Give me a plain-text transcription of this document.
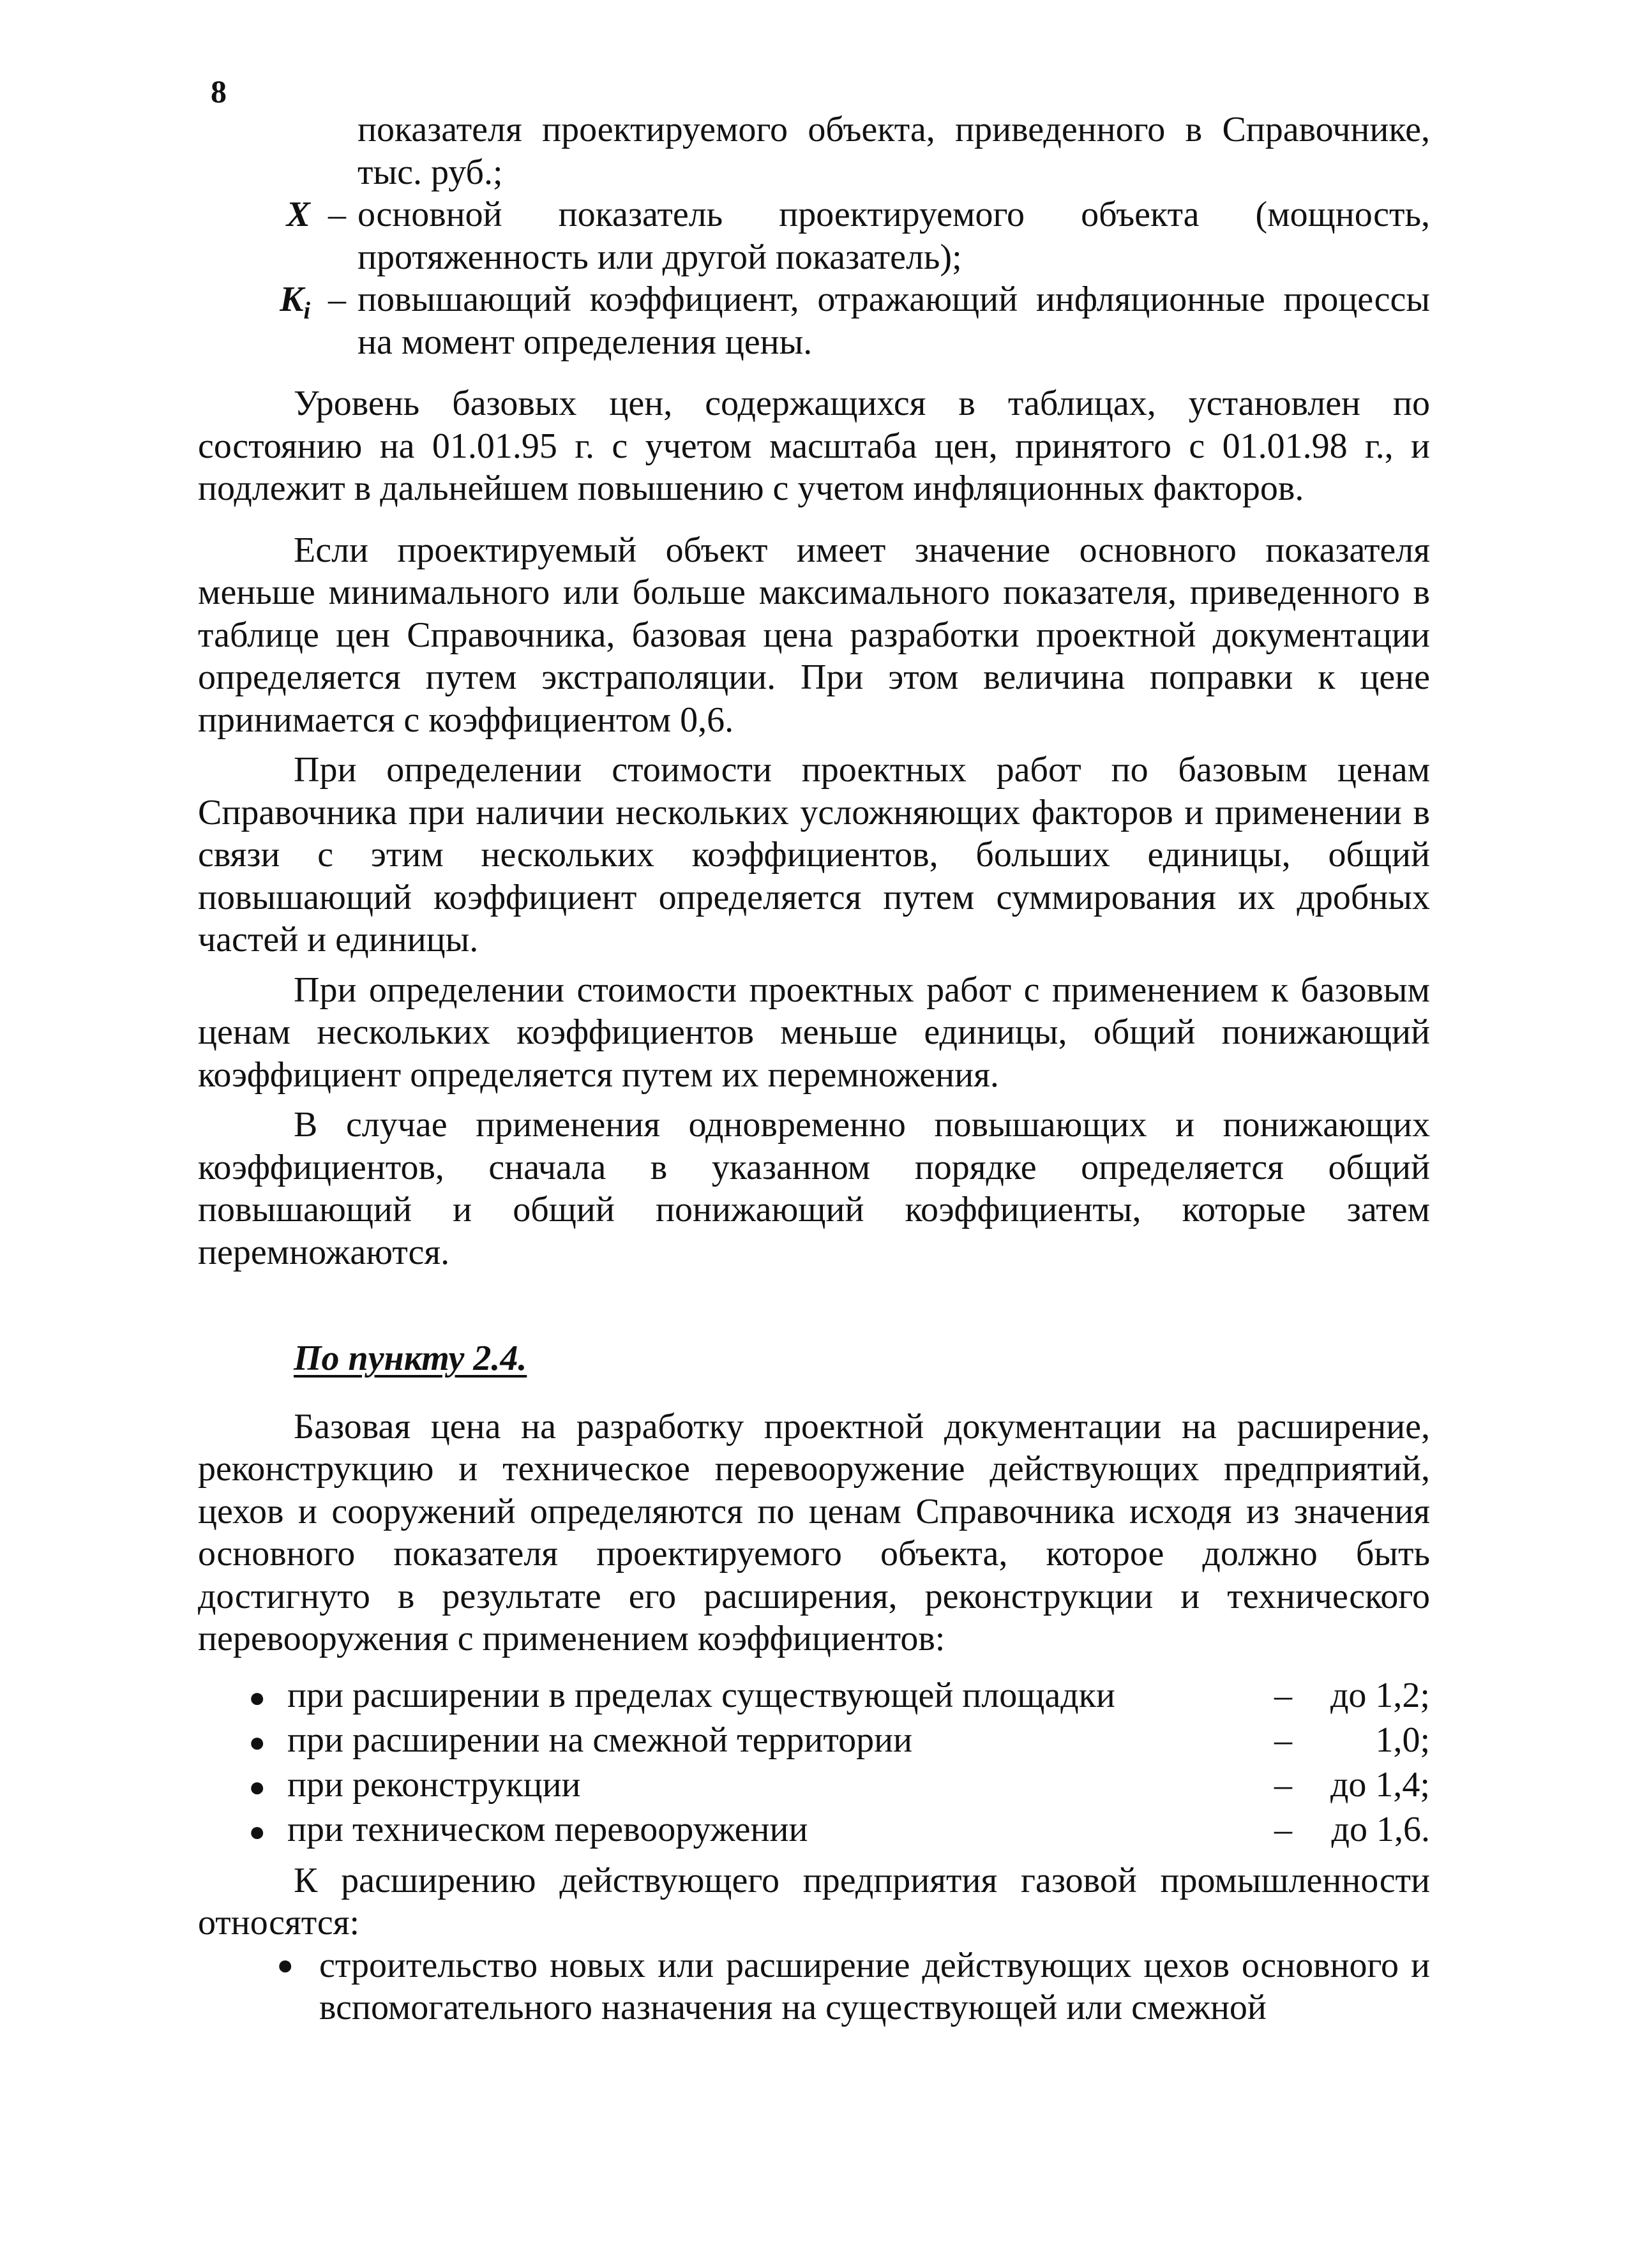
8
показателя проектируемого объекта, приведенного в Справочнике, тыс. руб.;
X – основной показатель проектируемого объекта (мощность, протяженность или другой показатель);
$K_i$ – повышающий коэффициент, отражающий инфляционные процессы на момент определения цены.

Уровень базовых цен, содержащихся в таблицах, установлен по состоянию на 01.01.95 г. с учетом масштаба цен, принятого с 01.01.98 г., и подлежит в дальнейшем повышению с учетом инфляционных факторов.

Если проектируемый объект имеет значение основного показателя меньше минимального или больше максимального показателя, приведенного в таблице цен Справочника, базовая цена разработки проектной документации определяется путем экстраполяции. При этом величина поправки к цене принимается с коэффициентом 0,6.

При определении стоимости проектных работ по базовым ценам Справочника при наличии нескольких усложняющих факторов и применении в связи с этим нескольких коэффициентов, больших единицы, общий повышающий коэффициент определяется путем суммирования их дробных частей и единицы.

При определении стоимости проектных работ с применением к базовым ценам нескольких коэффициентов меньше единицы, общий понижающий коэффициент определяется путем их перемножения.

В случае применения одновременно повышающих и понижающих коэффициентов, сначала в указанном порядке определяется общий повышающий и общий понижающий коэффициенты, которые затем перемножаются.

По пункту 2.4.

Базовая цена на разработку проектной документации на расширение, реконструкцию и техническое перевооружение действующих предприятий, цехов и сооружений определяются по ценам Справочника исходя из значения основного показателя проектируемого объекта, которое должно быть достигнуто в результате его расширения, реконструкции и технического перевооружения с применением коэффициентов:

● при расширении в пределах существующей площадки	–	до 1,2;
● при расширении на смежной территории	–	1,0;
● при реконструкции	–	до 1,4;
● при техническом перевооружении	–	до 1,6.

К расширению действующего предприятия газовой промышленности относятся:

● строительство новых или расширение действующих цехов основного и вспомогательного назначения на существующей или смежной
